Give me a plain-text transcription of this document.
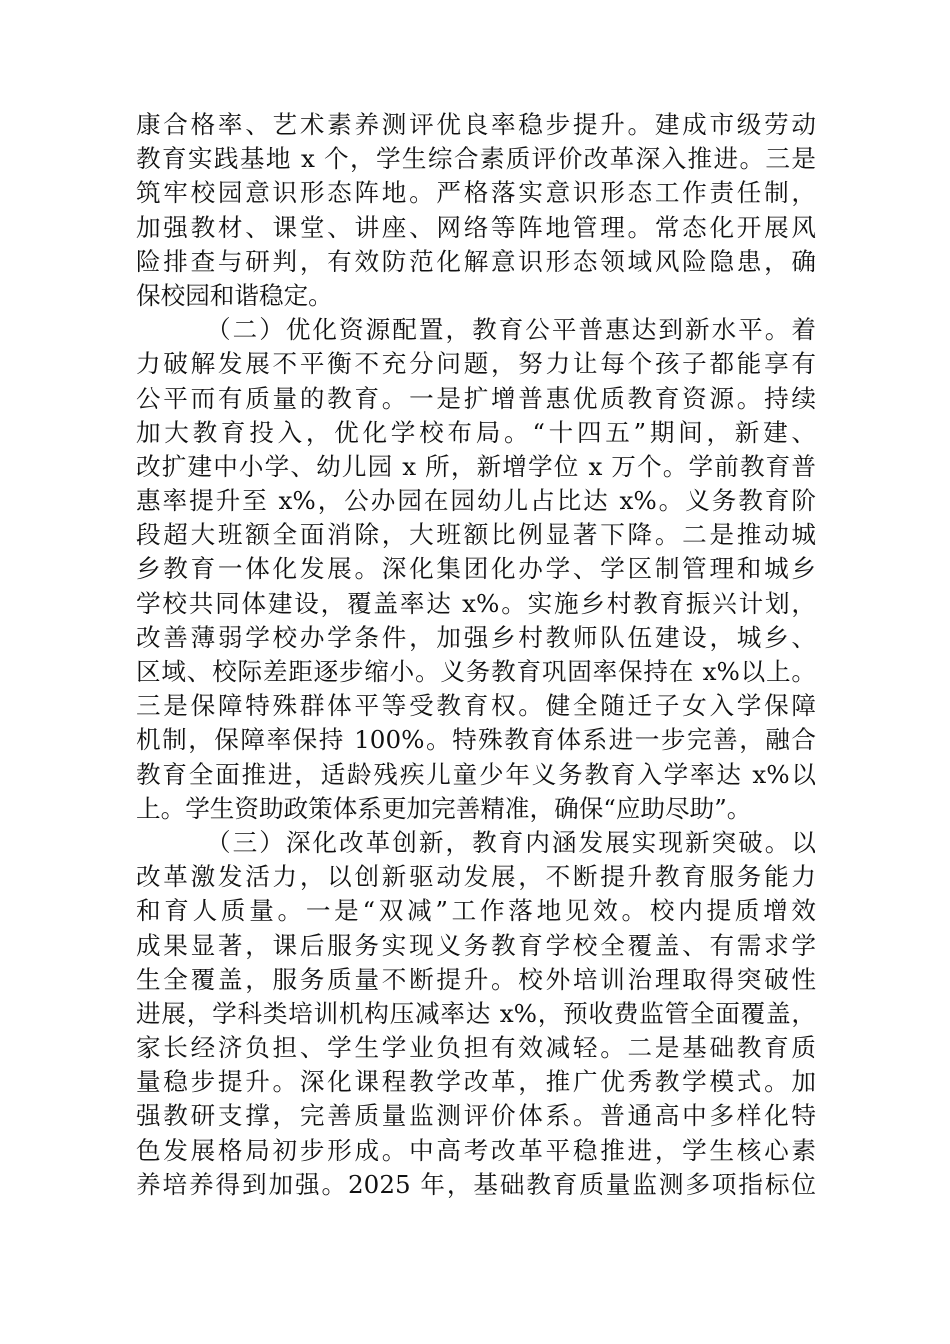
康合格率、艺术素养测评优良率稳步提升。建成市级劳动
教育实践基地 x 个，学生综合素质评价改革深入推进。三是
筑牢校园意识形态阵地。严格落实意识形态工作责任制，
加强教材、课堂、讲座、网络等阵地管理。常态化开展风
险排查与研判，有效防范化解意识形态领域风险隐患，确
保校园和谐稳定。
（二）优化资源配置，教育公平普惠达到新水平。着
力破解发展不平衡不充分问题，努力让每个孩子都能享有
公平而有质量的教育。一是扩增普惠优质教育资源。持续
加大教育投入，优化学校布局。“十四五”期间，新建、
改扩建中小学、幼儿园 x 所，新增学位 x 万个。学前教育普
惠率提升至 x%，公办园在园幼儿占比达 x%。义务教育阶
段超大班额全面消除，大班额比例显著下降。二是推动城
乡教育一体化发展。深化集团化办学、学区制管理和城乡
学校共同体建设，覆盖率达 x%。实施乡村教育振兴计划，
改善薄弱学校办学条件，加强乡村教师队伍建设，城乡、
区域、校际差距逐步缩小。义务教育巩固率保持在 x%以上。
三是保障特殊群体平等受教育权。健全随迁子女入学保障
机制，保障率保持 100%。特殊教育体系进一步完善，融合
教育全面推进，适龄残疾儿童少年义务教育入学率达 x%以
上。学生资助政策体系更加完善精准，确保“应助尽助”。
（三）深化改革创新，教育内涵发展实现新突破。以
改革激发活力，以创新驱动发展，不断提升教育服务能力
和育人质量。一是“双减”工作落地见效。校内提质增效
成果显著，课后服务实现义务教育学校全覆盖、有需求学
生全覆盖，服务质量不断提升。校外培训治理取得突破性
进展，学科类培训机构压减率达 x%，预收费监管全面覆盖，
家长经济负担、学生学业负担有效减轻。二是基础教育质
量稳步提升。深化课程教学改革，推广优秀教学模式。加
强教研支撑，完善质量监测评价体系。普通高中多样化特
色发展格局初步形成。中高考改革平稳推进，学生核心素
养培养得到加强。2025 年，基础教育质量监测多项指标位
